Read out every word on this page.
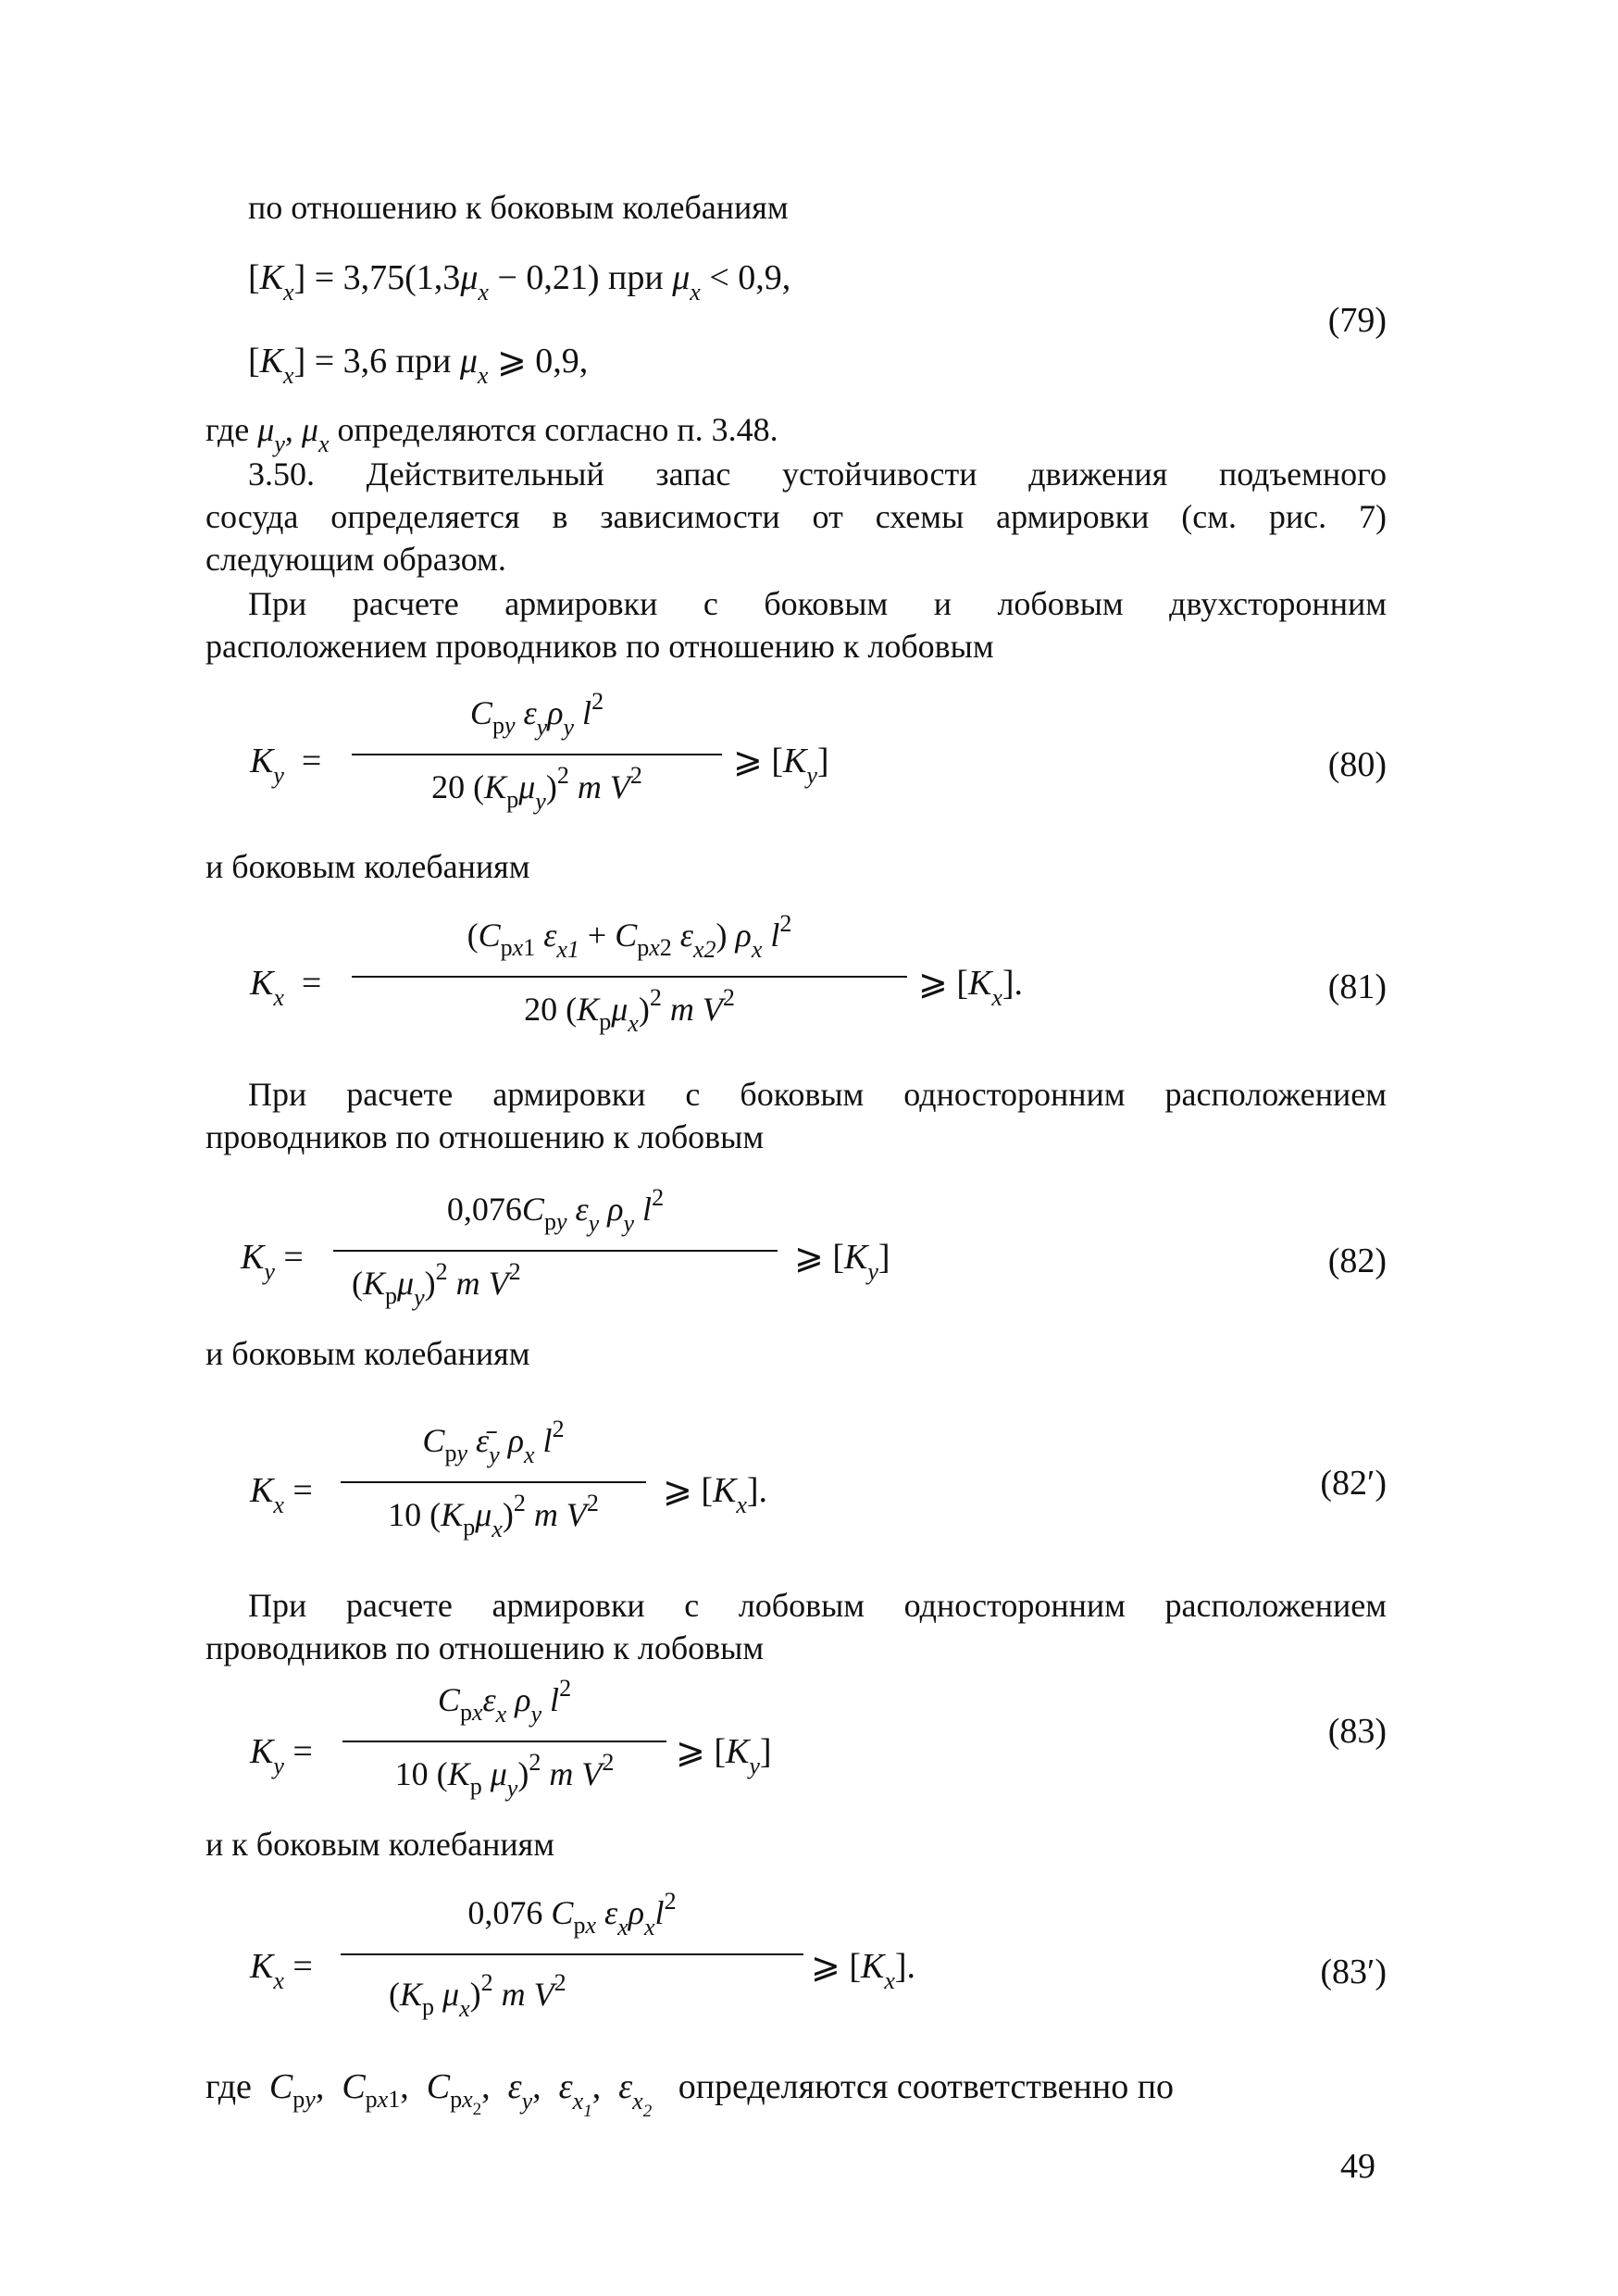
по отношению к боковым колебаниям
$[K_x] = 3,75(1,3\mu_x - 0,21)$ при $\mu_x < 0,9$,
$[K_x] = 3,6$ при $\mu_x$ ⩾ 0,9,
(79)
где $\mu_y$, $\mu_x$ определяются согласно п. 3.48.
3.50. Действительный запас устойчивости движения подъемного
сосуда определяется в зависимости от схемы армировки (см. рис. 7)
следующим образом.
При расчете армировки с боковым и лобовым двухсторонним
расположением проводников по отношению к лобовым
$K_y$  =
$C_{py}$ $\varepsilon_y\rho_y$ $l^2$
20 $(K_p\mu_y)^2$ m $V^2$	⩾ $[K_y]$	(80)
и боковым колебаниям
$K_x$  =
($C_{px1}$ $\varepsilon_{x1} + C_{px2}$ $\varepsilon_{x2}$) $\rho_x$ $l^2$
20 $(K_p\mu_x)^2$ m $V^2$	⩾ $[K_x]$.	(81)
При расчете армировки с боковым односторонним расположением
проводников по отношению к лобовым
$K_y$ =
$0,076C_{py}$ $\varepsilon_y$ $\rho_y$ $l^2$
$(K_p\mu_y)^2$ m $V^2$	⩾ $[K_y]$	(82)
и боковым колебаниям
$K_x$ =
$C_{py}$ $\varepsilon̄_y$ $\rho_x$ $l^2$
10 $(K_p\mu_x)^2$ m $V^2$	⩾ $[K_x]$.	(82′)
При расчете армировки с лобовым односторонним расположением
проводников по отношению к лобовым
$K_y$ =
$C_{px}\varepsilon_x$ $\rho_y$ $l^2$
10 ($K_p$ $\mu_y)^2$ m $V^2$	⩾ $[K_y]$
(83)
и к боковым колебаниям
$K_x$ =
0,076 $C_{px}$ $\varepsilon_x\rho_xl^2$
($K_p$ $\mu_x)^2$ m $V^2$	⩾ $[K_x]$.	(83′)
где $C_{py}$,  $C_{px1}$,  $C_{px_2}$,  $\varepsilon_y$,  $\varepsilon_{x_1}$,  $\varepsilon_{x_2}$   определяются соответственно по
49
